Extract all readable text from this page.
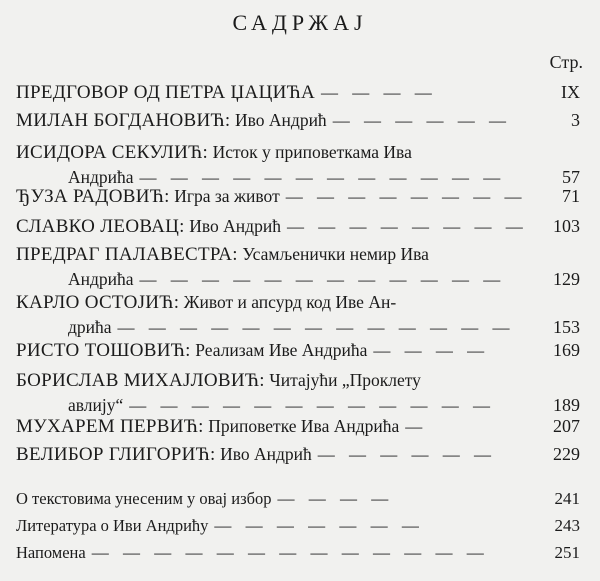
САДРЖАЈ
Стр.
ПРЕДГОВОР ОД ПЕТРА ЏАЦИЋА — — — —	IX
МИЛАН БОГДАНОВИЋ:
Иво Андрић — — — — — —	3
ИСИДОРА СЕКУЛИЋ:
Исток у приповеткама Ива
Андрића — — — — — — — — — — — —	57
ЂУЗА РАДОВИЋ:
Игра за живот — — — — — — — — 71
СЛАВКО ЛЕОВАЦ:
Иво Андрић — — — — — — — — 103
ПРЕДРАГ ПАЛАВЕСТРА:
Усамљенички немир Ива
Андрића — — — — — — — — — — — —	129
КАРЛО ОСТОЈИЋ:
Живот и апсурд код Иве Ан-
дрића — — — — — — — — — — — — — 153
РИСТО ТОШОВИЋ:
Реализам Иве Андрића — — — —	169
БОРИСЛАВ МИХАЈЛОВИЋ:
Читајући „Проклету
авлију“ — — — — — — — — — — — —	189
МУХАРЕМ ПЕРВИЋ:
Приповетке Ива Андрића —	207
ВЕЛИБОР ГЛИГОРИЋ:
Иво Андрић — — — — — —	229
О текстовима унесеним у овај избор — — — —	241
Литература о Иви Андрићу — — — — — — —	243
Напомена — — — — — — — — — — — — —	251
